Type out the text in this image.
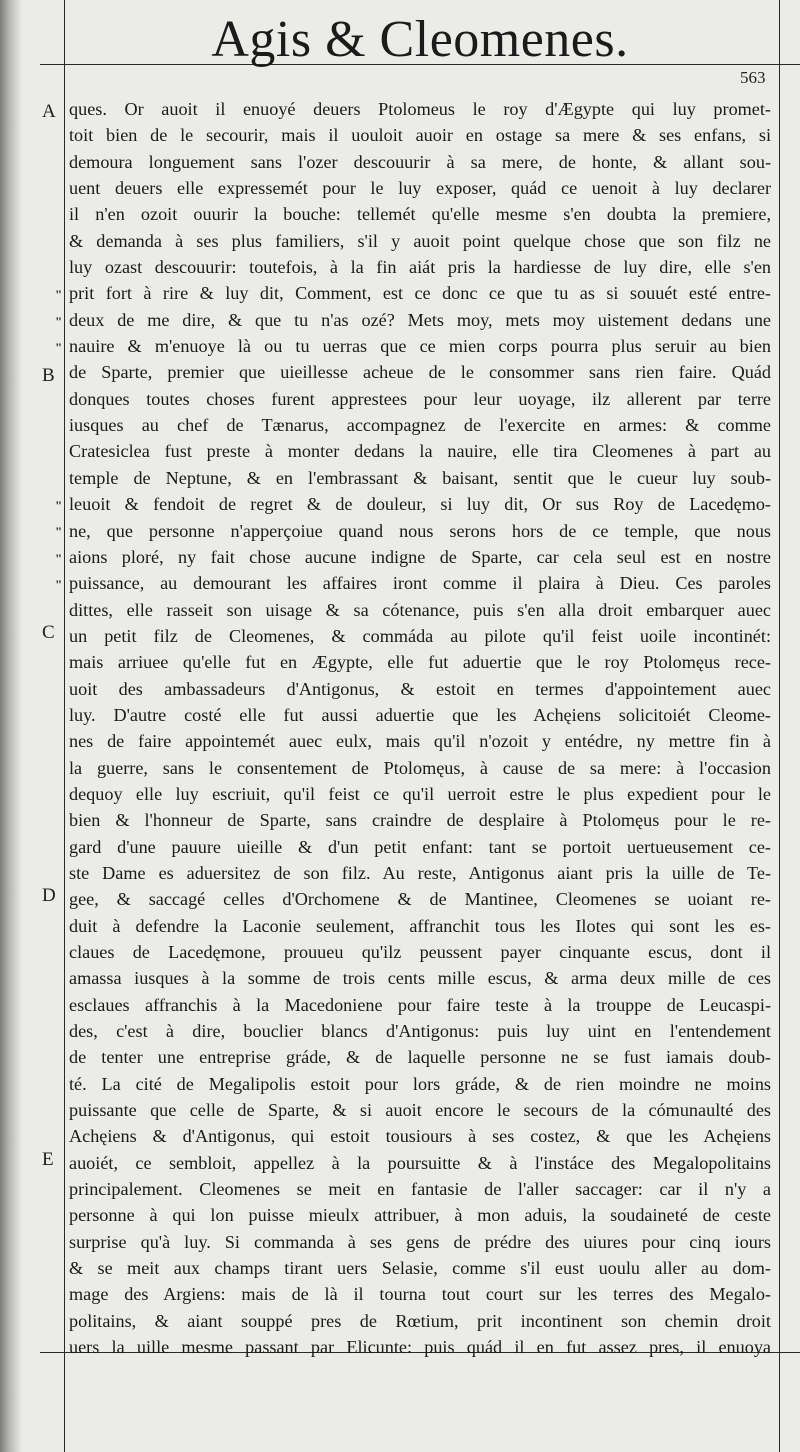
Agis & Cleomenes.
563
A
B
C
D
E
"
"
"
"
"
"
"
ques. Or auoit il enuoyé deuers Ptolomeus le roy d'Ægypte qui luy promet-
toit bien de le secourir, mais il uouloit auoir en ostage sa mere & ses enfans, si
demoura longuement sans l'ozer descouurir à sa mere, de honte, & allant sou-
uent deuers elle expressemét pour le luy exposer, quád ce uenoit à luy declarer
il n'en ozoit ouurir la bouche: tellemét qu'elle mesme s'en doubta la premiere,
& demanda à ses plus familiers, s'il y auoit point quelque chose que son filz ne
luy ozast descouurir: toutefois, à la fin aiát pris la hardiesse de luy dire, elle s'en
prit fort à rire & luy dit, Comment, est ce donc ce que tu as si souuét esté entre-
deux de me dire, & que tu n'as ozé? Mets moy, mets moy uistement dedans une
nauire & m'enuoye là ou tu uerras que ce mien corps pourra plus seruir au bien
de Sparte, premier que uieillesse acheue de le consommer sans rien faire. Quád
donques toutes choses furent apprestees pour leur uoyage, ilz allerent par terre
iusques au chef de Tænarus, accompagnez de l'exercite en armes: & comme
Cratesiclea fust preste à monter dedans la nauire, elle tira Cleomenes à part au
temple de Neptune, & en l'embrassant & baisant, sentit que le cueur luy soub-
leuoit & fendoit de regret & de douleur, si luy dit, Or sus Roy de Lacedęmo-
ne, que personne n'apperçoiue quand nous serons hors de ce temple, que nous
aions ploré, ny fait chose aucune indigne de Sparte, car cela seul est en nostre
puissance, au demourant les affaires iront comme il plaira à Dieu. Ces paroles
dittes, elle rasseit son uisage & sa cótenance, puis s'en alla droit embarquer auec
un petit filz de Cleomenes, & commáda au pilote qu'il feist uoile incontinét:
mais arriuee qu'elle fut en Ægypte, elle fut aduertie que le roy Ptolomęus rece-
uoit des ambassadeurs d'Antigonus, & estoit en termes d'appointement auec
luy. D'autre costé elle fut aussi aduertie que les Achęiens solicitoiét Cleome-
nes de faire appointemét auec eulx, mais qu'il n'ozoit y entédre, ny mettre fin à
la guerre, sans le consentement de Ptolomęus, à cause de sa mere: à l'occasion
dequoy elle luy escriuit, qu'il feist ce qu'il uerroit estre le plus expedient pour le
bien & l'honneur de Sparte, sans craindre de desplaire à Ptolomęus pour le re-
gard d'une pauure uieille & d'un petit enfant: tant se portoit uertueusement ce-
ste Dame es aduersitez de son filz. Au reste, Antigonus aiant pris la uille de Te-
gee, & saccagé celles d'Orchomene & de Mantinee, Cleomenes se uoiant re-
duit à defendre la Laconie seulement, affranchit tous les Ilotes qui sont les es-
claues de Lacedęmone, prouueu qu'ilz peussent payer cinquante escus, dont il
amassa iusques à la somme de trois cents mille escus, & arma deux mille de ces
esclaues affranchis à la Macedoniene pour faire teste à la trouppe de Leucaspi-
des, c'est à dire, bouclier blancs d'Antigonus: puis luy uint en l'entendement
de tenter une entreprise gráde, & de laquelle personne ne se fust iamais doub-
té. La cité de Megalipolis estoit pour lors gráde, & de rien moindre ne moins
puissante que celle de Sparte, & si auoit encore le secours de la cómunaulté des
Achęiens & d'Antigonus, qui estoit tousiours à ses costez, & que les Achęiens
auoiét, ce sembloit, appellez à la poursuitte & à l'instáce des Megalopolitains
principalement. Cleomenes se meit en fantasie de l'aller saccager: car il n'y a
personne à qui lon puisse mieulx attribuer, à mon aduis, la soudaineté de ceste
surprise qu'à luy. Si commanda à ses gens de prédre des uiures pour cinq iours
& se meit aux champs tirant uers Selasie, comme s'il eust uoulu aller au dom-
mage des Argiens: mais de là il tourna tout court sur les terres des Megalo-
politains, & aiant souppé pres de Rœtium, prit incontinent son chemin droit
uers la uille mesme passant par Elicunte: puis quád il en fut assez pres, il enuoya
